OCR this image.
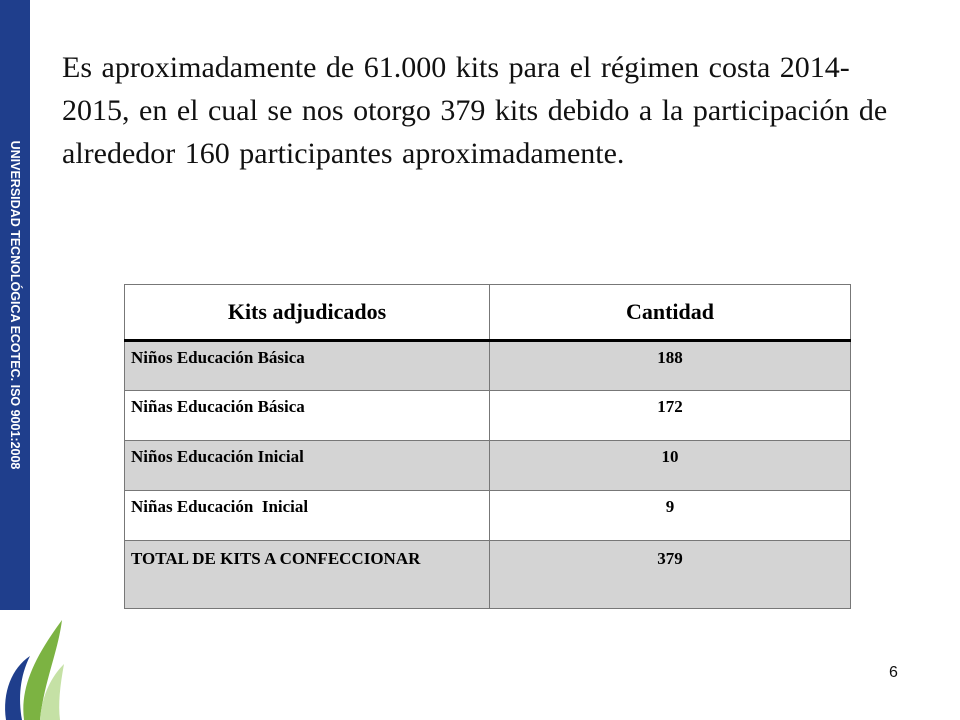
UNIVERSIDAD TECNOLÓGICA ECOTEC. ISO 9001:2008
Es aproximadamente de 61.000 kits para el régimen costa 2014-2015, en el cual se nos otorgo 379 kits debido a la participación de alrededor 160 participantes aproximadamente.
Kits adjudicados	Cantidad
Niños Educación Básica	188
Niñas Educación Básica	172
Niños Educación Inicial	10
Niñas Educación  Inicial	9
TOTAL DE KITS A CONFECCIONAR	379
6
